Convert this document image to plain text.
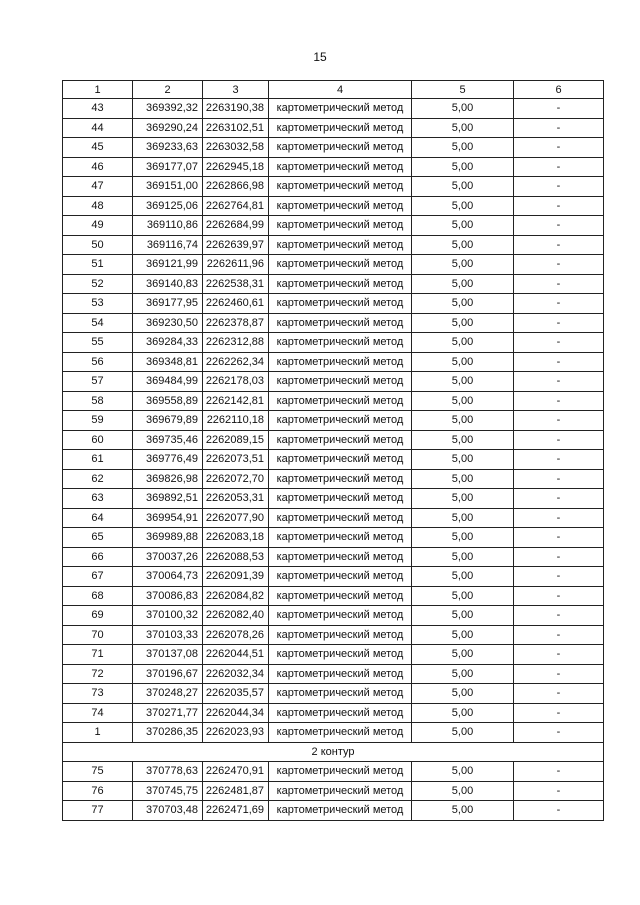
15
1	2	3	4	5	6
43	369392,32	2263190,38	картометрический метод	5,00	-
44	369290,24	2263102,51	картометрический метод	5,00	-
45	369233,63	2263032,58	картометрический метод	5,00	-
46	369177,07	2262945,18	картометрический метод	5,00	-
47	369151,00	2262866,98	картометрический метод	5,00	-
48	369125,06	2262764,81	картометрический метод	5,00	-
49	369110,86	2262684,99	картометрический метод	5,00	-
50	369116,74	2262639,97	картометрический метод	5,00	-
51	369121,99	2262611,96	картометрический метод	5,00	-
52	369140,83	2262538,31	картометрический метод	5,00	-
53	369177,95	2262460,61	картометрический метод	5,00	-
54	369230,50	2262378,87	картометрический метод	5,00	-
55	369284,33	2262312,88	картометрический метод	5,00	-
56	369348,81	2262262,34	картометрический метод	5,00	-
57	369484,99	2262178,03	картометрический метод	5,00	-
58	369558,89	2262142,81	картометрический метод	5,00	-
59	369679,89	2262110,18	картометрический метод	5,00	-
60	369735,46	2262089,15	картометрический метод	5,00	-
61	369776,49	2262073,51	картометрический метод	5,00	-
62	369826,98	2262072,70	картометрический метод	5,00	-
63	369892,51	2262053,31	картометрический метод	5,00	-
64	369954,91	2262077,90	картометрический метод	5,00	-
65	369989,88	2262083,18	картометрический метод	5,00	-
66	370037,26	2262088,53	картометрический метод	5,00	-
67	370064,73	2262091,39	картометрический метод	5,00	-
68	370086,83	2262084,82	картометрический метод	5,00	-
69	370100,32	2262082,40	картометрический метод	5,00	-
70	370103,33	2262078,26	картометрический метод	5,00	-
71	370137,08	2262044,51	картометрический метод	5,00	-
72	370196,67	2262032,34	картометрический метод	5,00	-
73	370248,27	2262035,57	картометрический метод	5,00	-
74	370271,77	2262044,34	картометрический метод	5,00	-
1	370286,35	2262023,93	картометрический метод	5,00	-
2 контур					
75	370778,63	2262470,91	картометрический метод	5,00	-
76	370745,75	2262481,87	картометрический метод	5,00	-
77	370703,48	2262471,69	картометрический метод	5,00	-
